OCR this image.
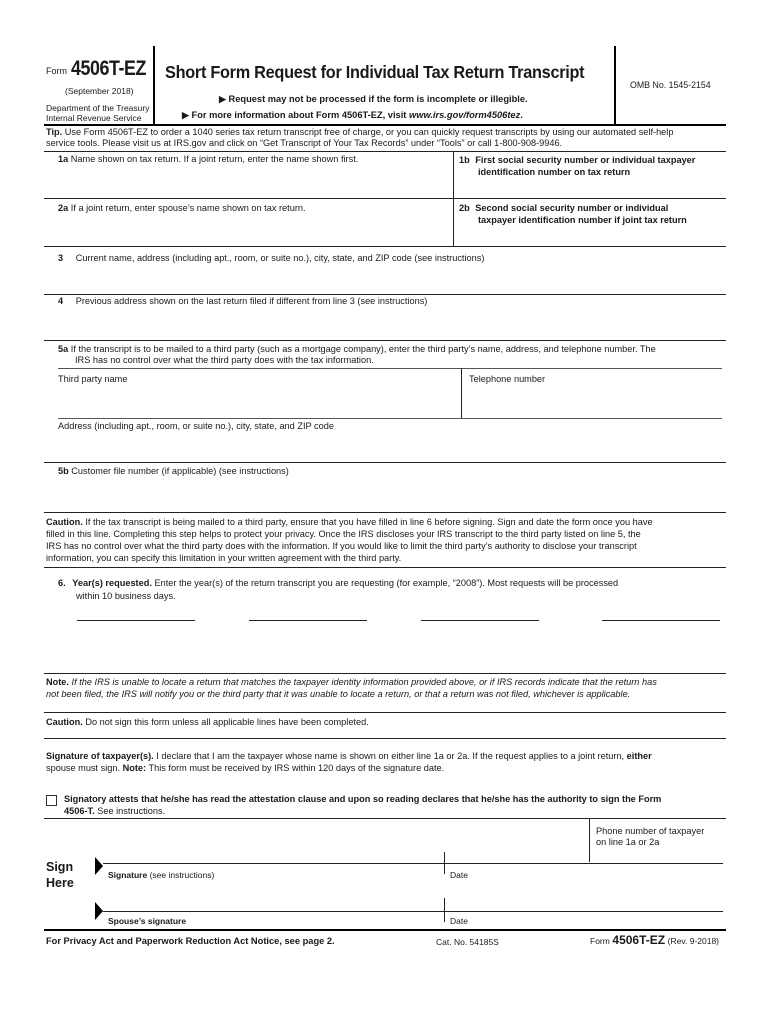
Form 4506T-EZ
(September 2018)
Department of the Treasury
Internal Revenue Service
Short Form Request for Individual Tax Return Transcript
▶ Request may not be processed if the form is incomplete or illegible.
▶ For more information about Form 4506T-EZ, visit www.irs.gov/form4506tez.
OMB No. 1545-2154
Tip. Use Form 4506T-EZ to order a 1040 series tax return transcript free of charge, or you can quickly request transcripts by using our automated self-help
service tools. Please visit us at IRS.gov and click on “Get Transcript of Your Tax Records” under “Tools” or call 1-800-908-9946.
1a Name shown on tax return. If a joint return, enter the name shown first.	1b First social security number or individual taxpayer
identification number on tax return
2a If a joint return, enter spouse’s name shown on tax return.	2b Second social security number or individual
taxpayer identification number if joint tax return
3 Current name, address (including apt., room, or suite no.), city, state, and ZIP code (see instructions)
4 Previous address shown on the last return filed if different from line 3 (see instructions)
5a If the transcript is to be mailed to a third party (such as a mortgage company), enter the third party’s name, address, and telephone number. The
IRS has no control over what the third party does with the tax information.
Third party name	Telephone number
Address (including apt., room, or suite no.), city, state, and ZIP code
5b Customer file number (if applicable) (see instructions)
Caution. If the tax transcript is being mailed to a third party, ensure that you have filled in line 6 before signing. Sign and date the form once you have
filled in this line. Completing this step helps to protect your privacy. Once the IRS discloses your IRS transcript to the third party listed on line 5, the
IRS has no control over what the third party does with the information. If you would like to limit the third party’s authority to disclose your transcript
information, you can specify this limitation in your written agreement with the third party.
6. Year(s) requested. Enter the year(s) of the return transcript you are requesting (for example, “2008”). Most requests will be processed
within 10 business days.
Note. If the IRS is unable to locate a return that matches the taxpayer identity information provided above, or if IRS records indicate that the return has
not been filed, the IRS will notify you or the third party that it was unable to locate a return, or that a return was not filed, whichever is applicable.
Caution. Do not sign this form unless all applicable lines have been completed.
Signature of taxpayer(s). I declare that I am the taxpayer whose name is shown on either line 1a or 2a. If the request applies to a joint return, either
spouse must sign. Note: This form must be received by IRS within 120 days of the signature date.
Signatory attests that he/she has read the attestation clause and upon so reading declares that he/she has the authority to sign the Form
4506-T. See instructions.
Phone number of taxpayer
on line 1a or 2a
Sign
Here
Signature (see instructions)	Date
Spouse’s signature	Date
For Privacy Act and Paperwork Reduction Act Notice, see page 2.	Cat. No. 54185S	Form 4506T-EZ (Rev. 9-2018)
